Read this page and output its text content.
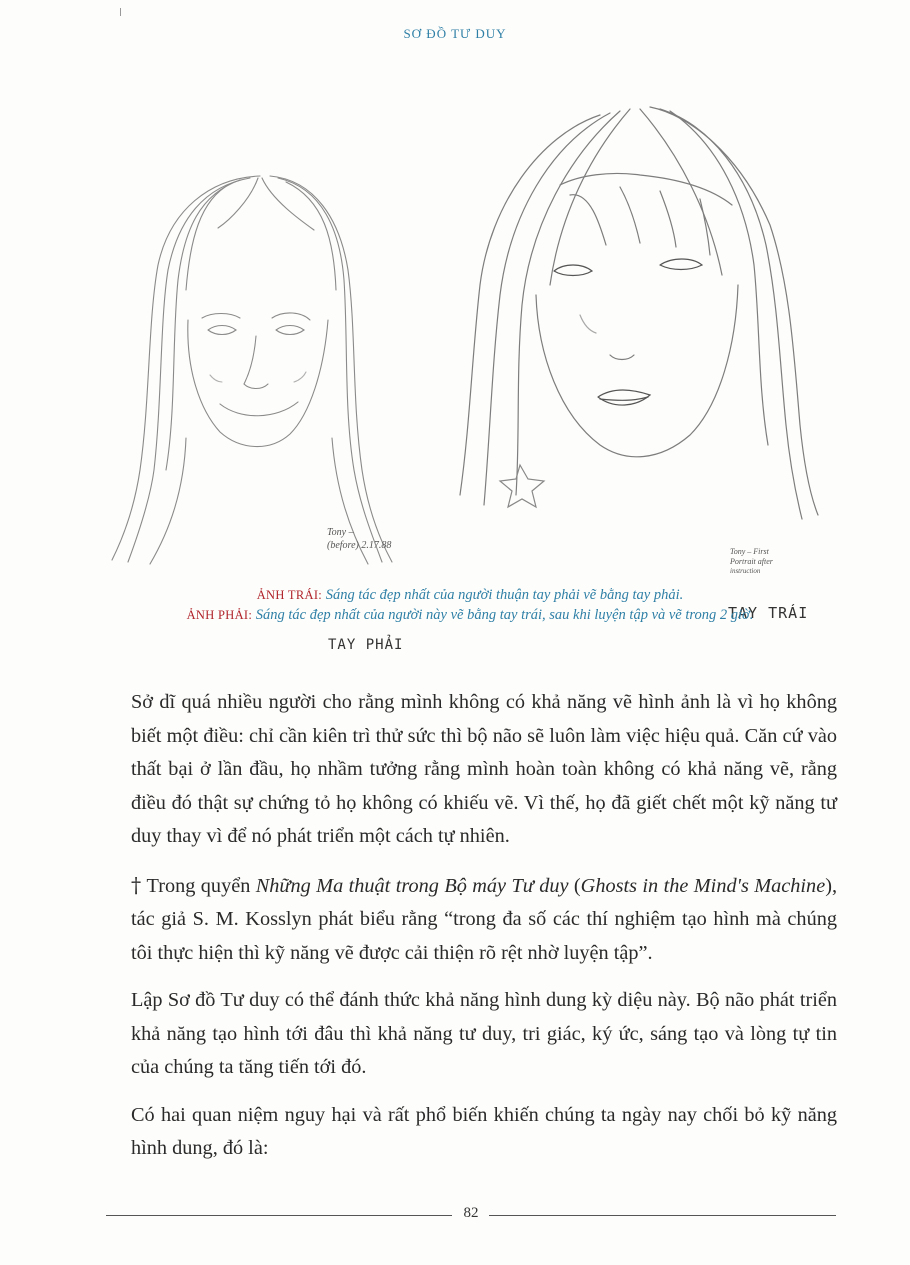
SƠ ĐỒ TƯ DUY
TAY PHẢI
TAY TRÁI
Tony –
(before) 2.17.88
Tony – First
Portrait after
instruction
ẢNH TRÁI: Sáng tác đẹp nhất của người thuận tay phải vẽ bằng tay phải.
ẢNH PHẢI: Sáng tác đẹp nhất của người này vẽ bằng tay trái, sau khi luyện tập và vẽ trong 2 giờ.

Sở dĩ quá nhiều người cho rằng mình không có khả năng vẽ hình ảnh là vì họ không biết một điều: chỉ cần kiên trì thử sức thì bộ não sẽ luôn làm việc hiệu quả. Căn cứ vào thất bại ở lần đầu, họ nhầm tưởng rằng mình hoàn toàn không có khả năng vẽ, rằng điều đó thật sự chứng tỏ họ không có khiếu vẽ. Vì thế, họ đã giết chết một kỹ năng tư duy thay vì để nó phát triển một cách tự nhiên.

† Trong quyển Những Ma thuật trong Bộ máy Tư duy (Ghosts in the Mind's Machine), tác giả S. M. Kosslyn phát biểu rằng “trong đa số các thí nghiệm tạo hình mà chúng tôi thực hiện thì kỹ năng vẽ được cải thiện rõ rệt nhờ luyện tập”.

Lập Sơ đồ Tư duy có thể đánh thức khả năng hình dung kỳ diệu này. Bộ não phát triển khả năng tạo hình tới đâu thì khả năng tư duy, tri giác, ký ức, sáng tạo và lòng tự tin của chúng ta tăng tiến tới đó.

Có hai quan niệm nguy hại và rất phổ biến khiến chúng ta ngày nay chối bỏ kỹ năng hình dung, đó là:

82
